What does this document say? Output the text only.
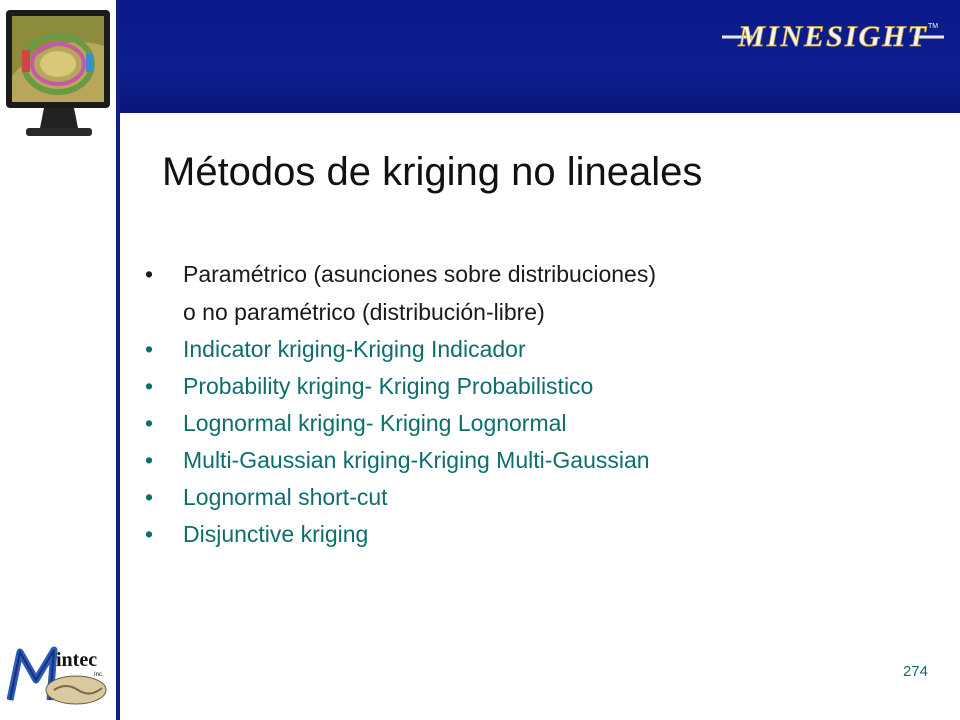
MINESIGHT TM
Métodos de kriging no lineales
• Paramétrico (asunciones sobre distribuciones)
o no paramétrico (distribución-libre)
• Indicator kriging-Kriging Indicador
• Probability kriging- Kriging Probabilistico
• Lognormal kriging- Kriging Lognormal
• Multi-Gaussian kriging-Kriging Multi-Gaussian
• Lognormal short-cut
• Disjunctive kriging
274
intec
Inc.
